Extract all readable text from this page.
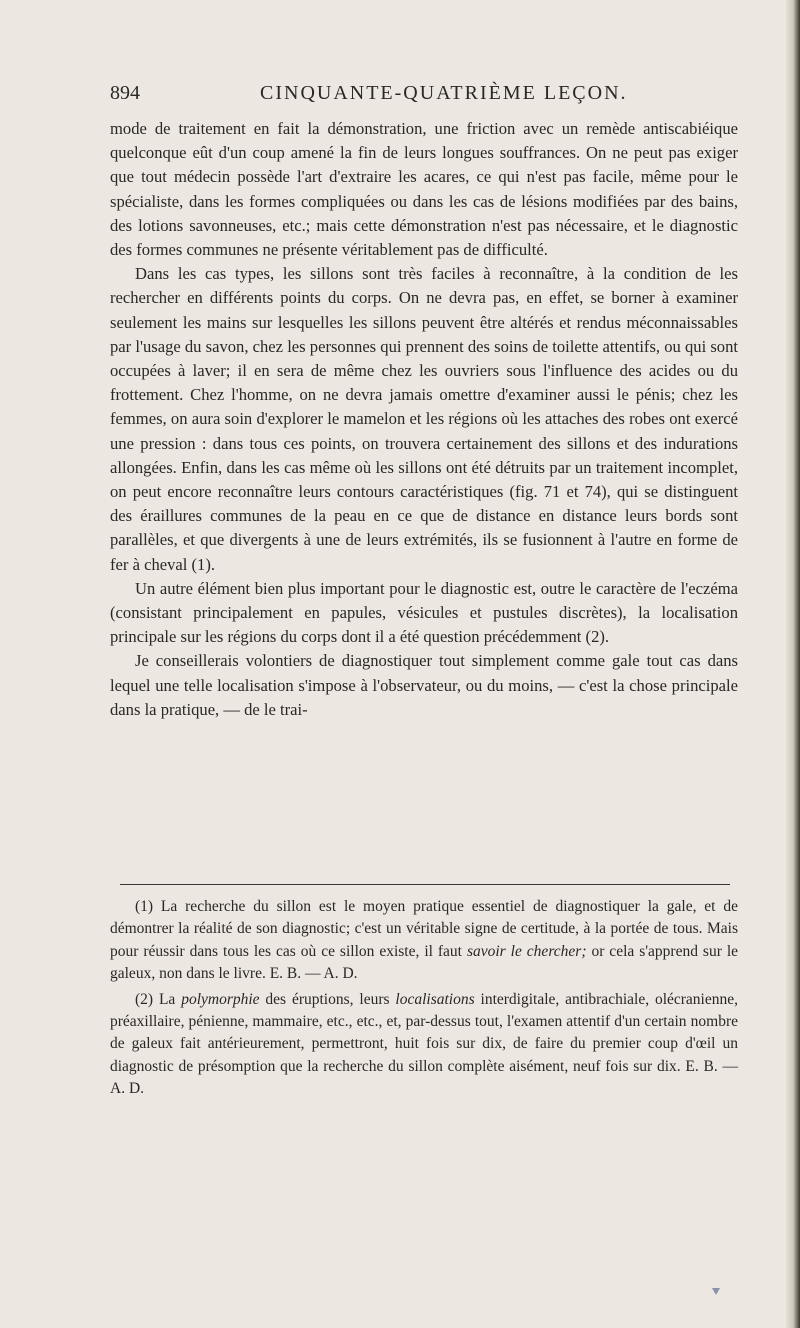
894	CINQUANTE-QUATRIÈME LEÇON.

mode de traitement en fait la démonstration, une friction avec un remède antiscabiéique quelconque eût d'un coup amené la fin de leurs longues souffrances. On ne peut pas exiger que tout médecin possède l'art d'extraire les acares, ce qui n'est pas facile, même pour le spécialiste, dans les formes compliquées ou dans les cas de lésions modifiées par des bains, des lotions savonneuses, etc.; mais cette démonstration n'est pas nécessaire, et le diagnostic des formes communes ne présente véritablement pas de difficulté.

Dans les cas types, les sillons sont très faciles à reconnaître, à la condition de les rechercher en différents points du corps. On ne devra pas, en effet, se borner à examiner seulement les mains sur lesquelles les sillons peuvent être altérés et rendus méconnaissables par l'usage du savon, chez les personnes qui prennent des soins de toilette attentifs, ou qui sont occupées à laver; il en sera de même chez les ouvriers sous l'influence des acides ou du frottement. Chez l'homme, on ne devra jamais omettre d'examiner aussi le pénis; chez les femmes, on aura soin d'explorer le mamelon et les régions où les attaches des robes ont exercé une pression : dans tous ces points, on trouvera certainement des sillons et des indurations allongées. Enfin, dans les cas même où les sillons ont été détruits par un traitement incomplet, on peut encore reconnaître leurs contours caractéristiques (fig. 71 et 74), qui se distinguent des éraillures communes de la peau en ce que de distance en distance leurs bords sont parallèles, et que divergents à une de leurs extrémités, ils se fusionnent à l'autre en forme de fer à cheval (1).

Un autre élément bien plus important pour le diagnostic est, outre le caractère de l'eczéma (consistant principalement en papules, vésicules et pustules discrètes), la localisation principale sur les régions du corps dont il a été question précédemment (2).

Je conseillerais volontiers de diagnostiquer tout simplement comme gale tout cas dans lequel une telle localisation s'impose à l'observateur, ou du moins, — c'est la chose principale dans la pratique, — de le trai-

(1) La recherche du sillon est le moyen pratique essentiel de diagnostiquer la gale, et de démontrer la réalité de son diagnostic; c'est un véritable signe de certitude, à la portée de tous. Mais pour réussir dans tous les cas où ce sillon existe, il faut savoir le chercher; or cela s'apprend sur le galeux, non dans le livre. E. B. — A. D.

(2) La polymorphie des éruptions, leurs localisations interdigitale, antibrachiale, olécranienne, préaxillaire, pénienne, mammaire, etc., etc., et, par-dessus tout, l'examen attentif d'un certain nombre de galeux fait antérieurement, permettront, huit fois sur dix, de faire du premier coup d'œil un diagnostic de présomption que la recherche du sillon complète aisément, neuf fois sur dix. E. B. — A. D.
